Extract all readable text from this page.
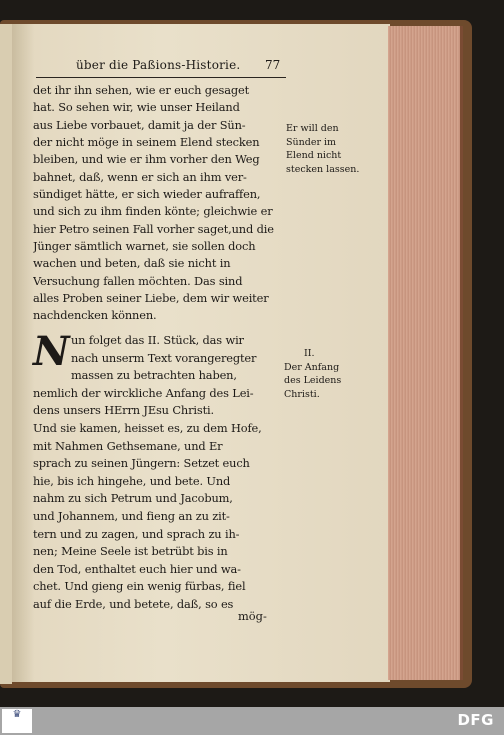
über die Paßions-Historie. 77
det ihr ihn sehen, wie er euch gesaget
hat. So sehen wir, wie unser Heiland
aus Liebe vorbauet, damit ja der Sün-
der nicht möge in seinem Elend stecken
bleiben, und wie er ihm vorher den Weg
bahnet, daß, wenn er sich an ihm ver-
sündiget hätte, er sich wieder aufraffen,
und sich zu ihm finden könte; gleichwie er
hier Petro seinen Fall vorher saget,und die
Jünger sämtlich warnet, sie sollen doch
wachen und beten, daß sie nicht in
Versuchung fallen möchten. Das sind
alles Proben seiner Liebe, dem wir weiter
nachdencken können.
N un folget das II. Stück, das wir
nach unserm Text vorangeregter
massen zu betrachten haben,
nemlich der wirckliche Anfang des Lei-
dens unsers HErrn JEsu Christi.
Und sie kamen, heisset es, zu dem Hofe,
mit Nahmen Gethsemane, und Er
sprach zu seinen Jüngern: Setzet euch
hie, bis ich hingehe, und bete. Und
nahm zu sich Petrum und Jacobum,
und Johannem, und fieng an zu zit-
tern und zu zagen, und sprach zu ih-
nen; Meine Seele ist betrübt bis in
den Tod, enthaltet euch hier und wa-
chet. Und gieng ein wenig fürbas, fiel
auf die Erde, und betete, daß, so es
mög-
Er will den
Sünder im
Elend nicht
stecken lassen.
II.
Der Anfang
des Leidens
Christi.
♛	DFG
